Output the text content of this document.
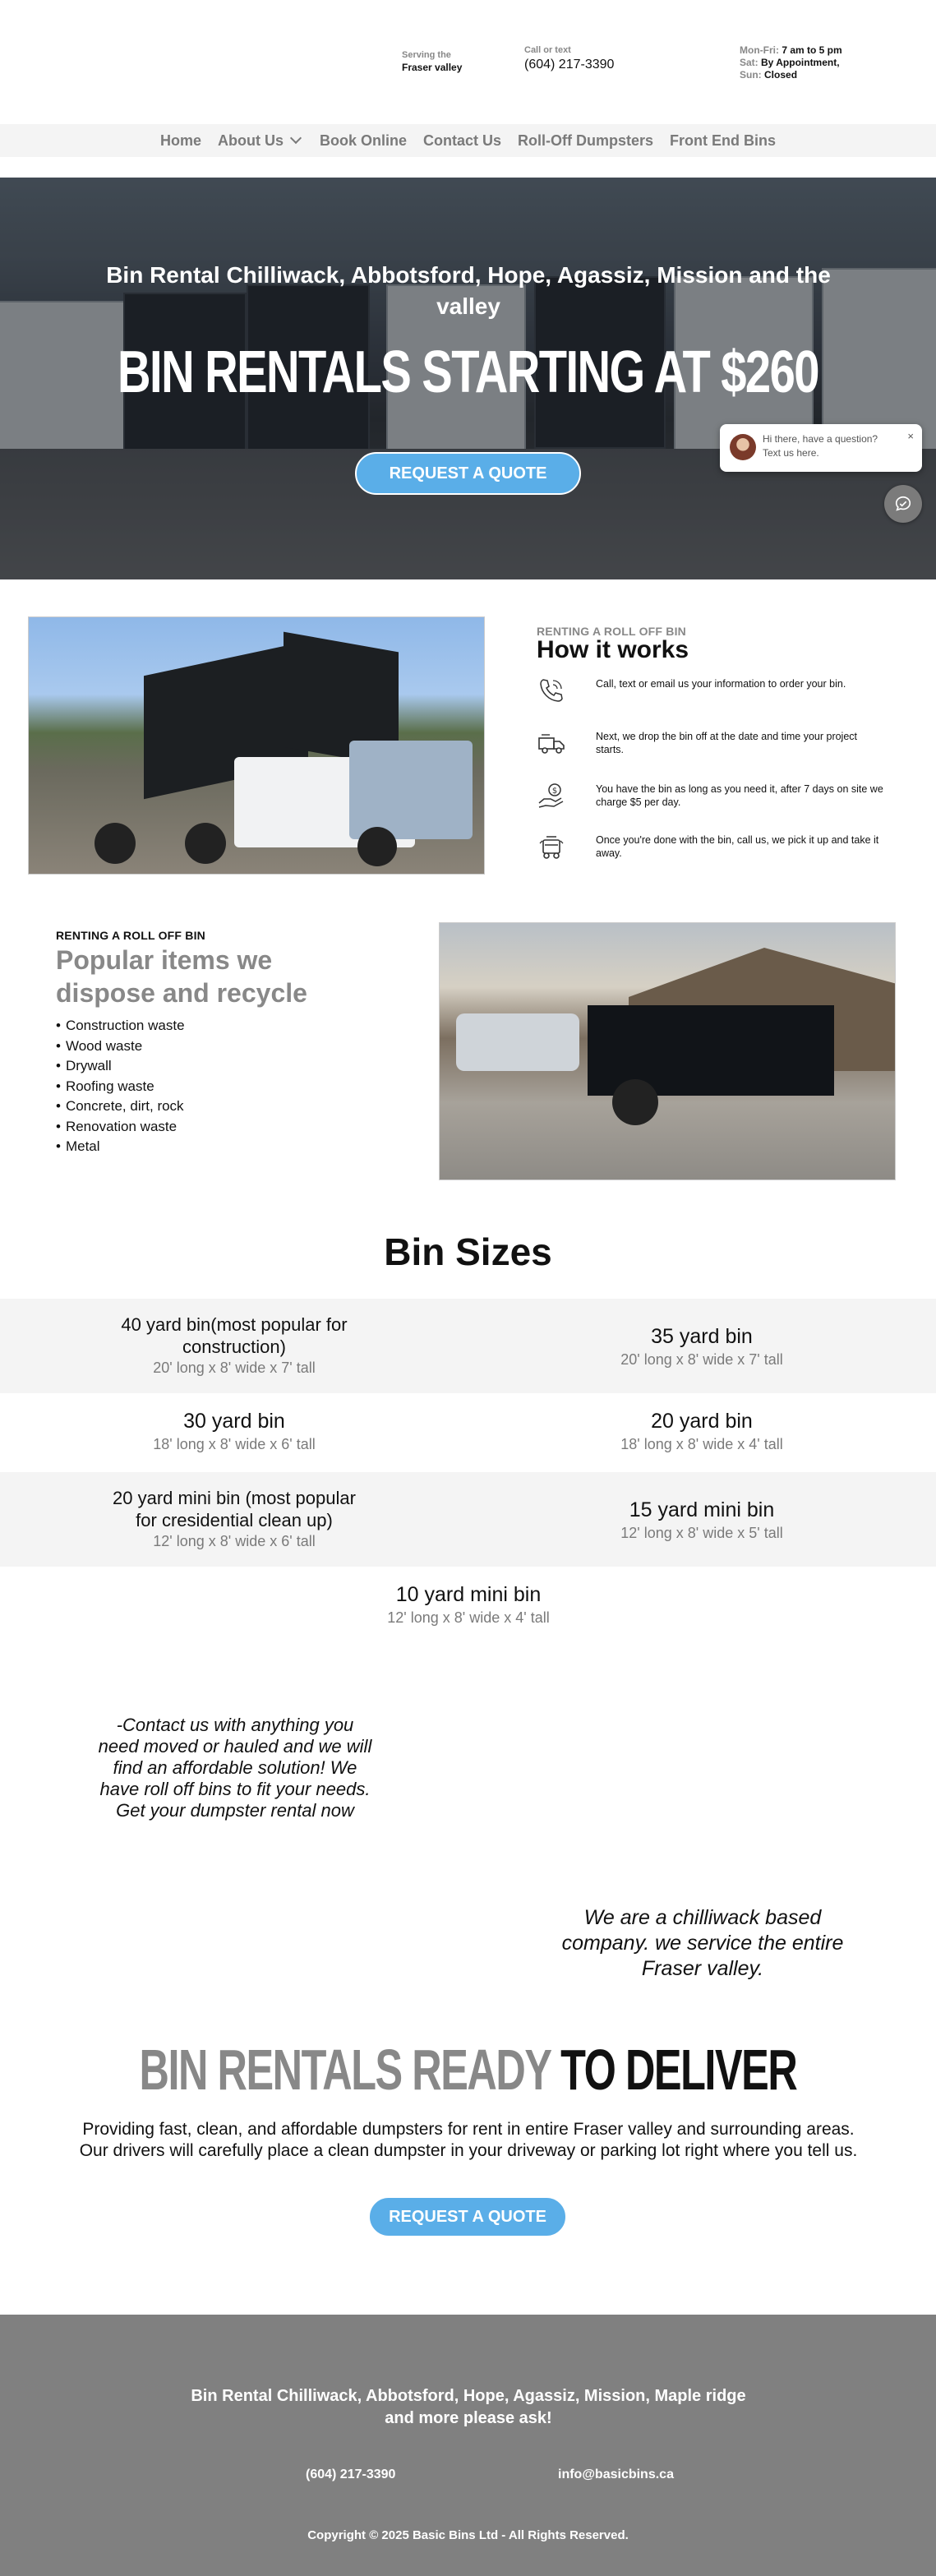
Serving the
Fraser valley
Call or text
(604) 217-3390
Mon-Fri: 7 am to 5 pm
Sat: By Appointment,
Sun: Closed
Home About Us Book Online Contact Us Roll-Off Dumpsters Front End Bins
Bin Rental Chilliwack, Abbotsford, Hope, Agassiz, Mission and the valley
BIN RENTALS STARTING AT $260
REQUEST A QUOTE
Hi there, have a question?
Text us here.
×
RENTING A ROLL OFF BIN
How it works
Call, text or email us your information to order your bin.
Next, we drop the bin off at the date and time your project starts.
$	You have the bin as long as you need it, after 7 days on site we charge $5 per day.
Once you're done with the bin, call us, we pick it up and take it away.
RENTING A ROLL OFF BIN
Popular items we dispose and recycle
• Construction waste
• Wood waste
• Drywall
• Roofing waste
• Concrete, dirt, rock
• Renovation waste
• Metal
Bin Sizes
40 yard bin(most popular for construction)
20' long x 8' wide x 7' tall
35 yard bin
20' long x 8' wide x 7' tall
30 yard bin
18' long x 8' wide x 6' tall
20 yard bin
18' long x 8' wide x 4' tall
20 yard mini bin (most popular for cresidential clean up)
12' long x 8' wide x 6' tall
15 yard mini bin
12' long x 8' wide x 5' tall
10 yard mini bin
12' long x 8' wide x 4' tall
-Contact us with anything you need moved or hauled and we will find an affordable solution! We have roll off bins to fit your needs. Get your dumpster rental now
We are a chilliwack based company. we service the entire Fraser valley.
BIN RENTALS READY TO DELIVER
Providing fast, clean, and affordable dumpsters for rent in entire Fraser valley and surrounding areas. Our drivers will carefully place a clean dumpster in your driveway or parking lot right where you tell us.
REQUEST A QUOTE
Bin Rental Chilliwack, Abbotsford, Hope, Agassiz, Mission, Maple ridge and more please ask!
(604) 217-3390	info@basicbins.ca
Copyright © 2025 Basic Bins Ltd - All Rights Reserved.
